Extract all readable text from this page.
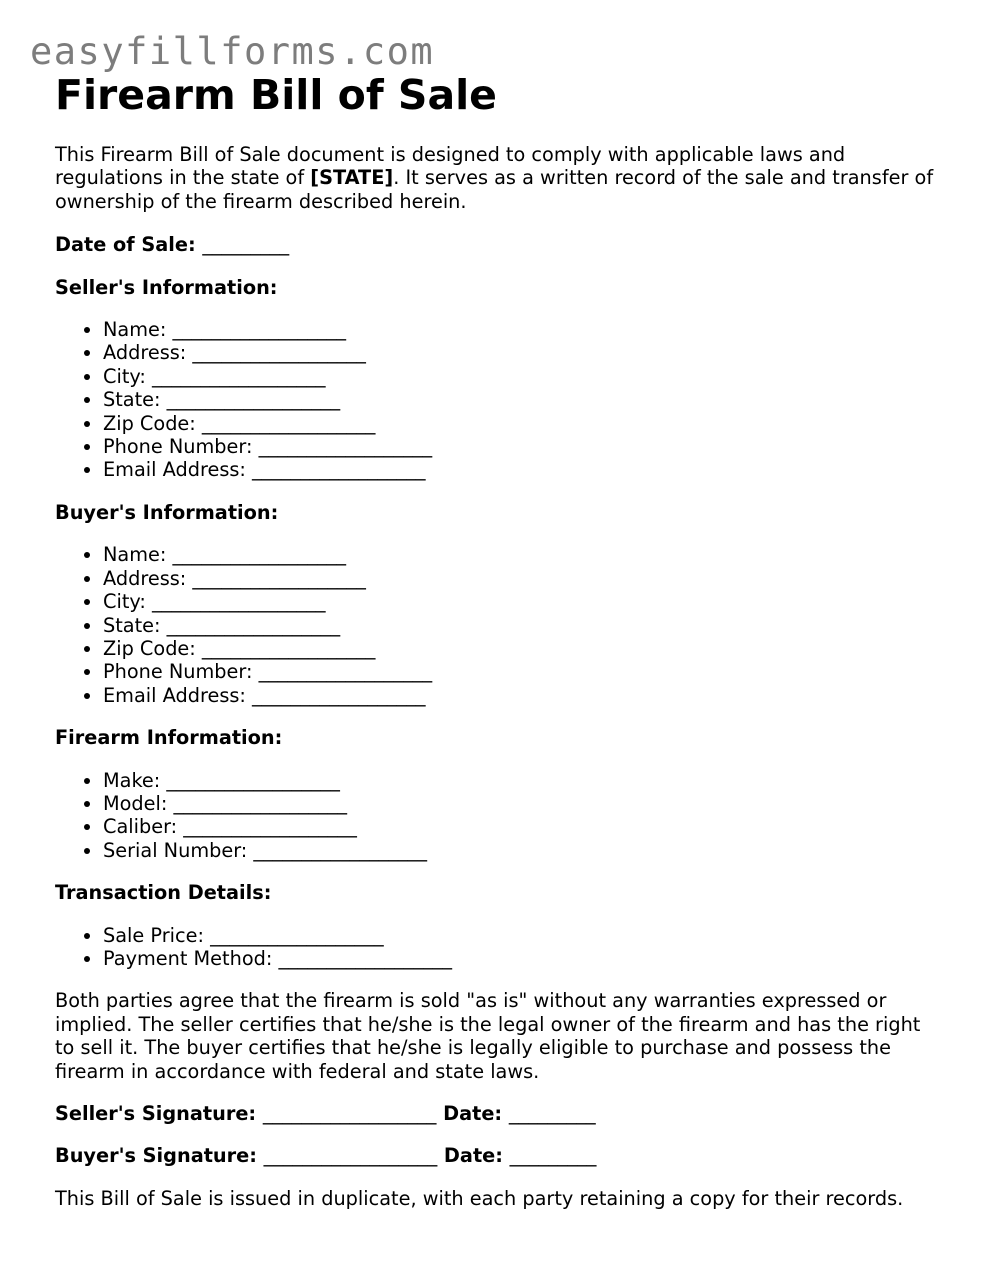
easyfillforms.com
Firearm Bill of Sale

This Firearm Bill of Sale document is designed to comply with applicable laws and regulations in the state of [STATE]. It serves as a written record of the sale and transfer of ownership of the firearm described herein.

Date of Sale: _________

Seller's Information:
• Name: __________________
• Address: __________________
• City: __________________
• State: __________________
• Zip Code: __________________
• Phone Number: __________________
• Email Address: __________________
Buyer's Information:
• Name: __________________
• Address: __________________
• City: __________________
• State: __________________
• Zip Code: __________________
• Phone Number: __________________
• Email Address: __________________
Firearm Information:
• Make: __________________
• Model: __________________
• Caliber: __________________
• Serial Number: __________________
Transaction Details:
• Sale Price: __________________
• Payment Method: __________________

Both parties agree that the firearm is sold "as is" without any warranties expressed or implied. The seller certifies that he/she is the legal owner of the firearm and has the right to sell it. The buyer certifies that he/she is legally eligible to purchase and possess the firearm in accordance with federal and state laws.

Seller's Signature: __________________ Date: _________

Buyer's Signature: __________________ Date: _________

This Bill of Sale is issued in duplicate, with each party retaining a copy for their records.
